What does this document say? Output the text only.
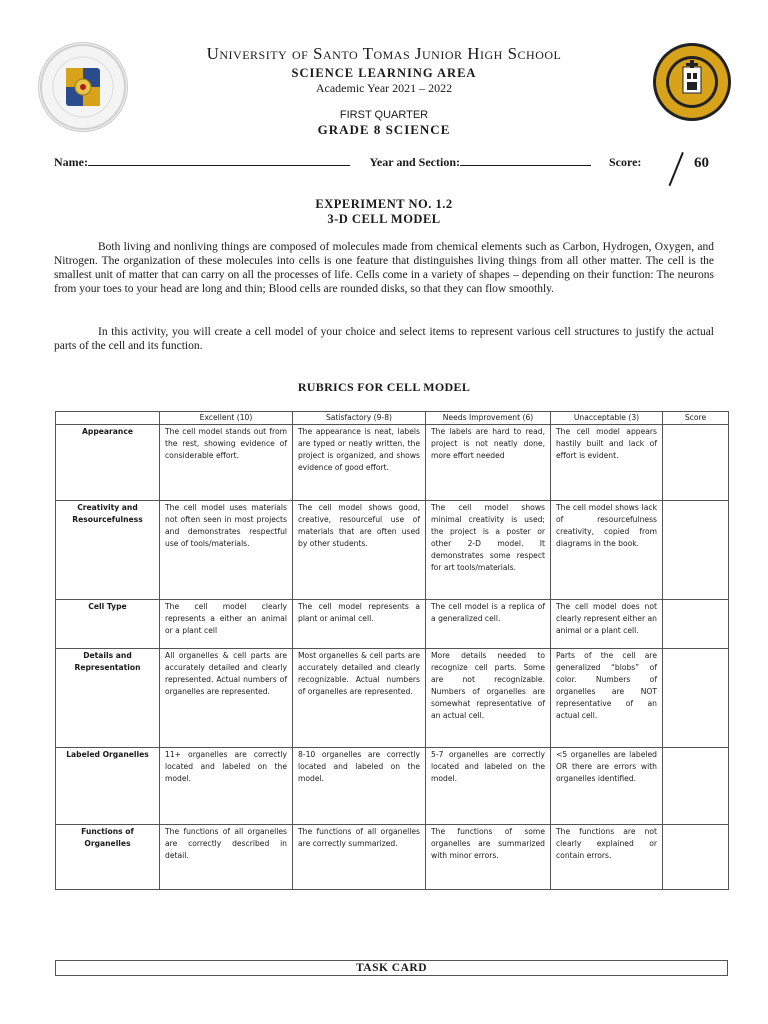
University of Santo Tomas Junior High School
SCIENCE LEARNING AREA
Academic Year 2021 – 2022
FIRST QUARTER
GRADE 8 SCIENCE
Name:	Year and Section:	Score:	60
EXPERIMENT NO. 1.2
3-D CELL MODEL
Both living and nonliving things are composed of molecules made from chemical elements such as Carbon, Hydrogen, Oxygen, and Nitrogen. The organization of these molecules into cells is one feature that distinguishes living things from all other matter. The cell is the smallest unit of matter that can carry on all the processes of life. Cells come in a variety of shapes – depending on their function: The neurons from your toes to your head are long and thin; Blood cells are rounded disks, so that they can flow smoothly.
In this activity, you will create a cell model of your choice and select items to represent various cell structures to justify the actual parts of the cell and its function.
RUBRICS FOR CELL MODEL
	Excellent (10)	Satisfactory (9-8)	Needs Improvement (6)	Unacceptable (3)	Score
Appearance	The cell model stands out from the rest, showing evidence of considerable effort.	The appearance is neat, labels are typed or neatly written, the project is organized, and shows evidence of good effort.	The labels are hard to read, project is not neatly done, more effort needed	The cell model appears hastily built and lack of effort is evident.	
Creativity and Resourcefulness	The cell model uses materials not often seen in most projects and demonstrates respectful use of tools/materials.	The cell model shows good, creative, resourceful use of materials that are often used by other students.	The cell model shows minimal creativity is used; the project is a poster or other 2-D model. It demonstrates some respect for art tools/materials.	The cell model shows lack of resourcefulness creativity, copied from diagrams in the book.	
Cell Type	The cell model clearly represents a either an animal or a plant cell	The cell model represents a plant or animal cell.	The cell model is a replica of a generalized cell.	The cell model does not clearly represent either an animal or a plant cell.	
Details and Representation	All organelles & cell parts are accurately detailed and clearly represented. Actual numbers of organelles are represented.	Most organelles & cell parts are accurately detailed and clearly recognizable. Actual numbers of organelles are represented.	More details needed to recognize cell parts. Some are not recognizable. Numbers of organelles are somewhat representative of an actual cell.	Parts of the cell are generalized “blobs” of color. Numbers of organelles are NOT representative of an actual cell.	
Labeled Organelles	11+ organelles are correctly located and labeled on the model.	8-10 organelles are correctly located and labeled on the model.	5-7 organelles are correctly located and labeled on the model.	<5 organelles are labeled OR there are errors with organelles identified.	
Functions of Organelles	The functions of all organelles are correctly described in detail.	The functions of all organelles are correctly summarized.	The functions of some organelles are summarized with minor errors.	The functions are not clearly explained or contain errors.	
TASK CARD
